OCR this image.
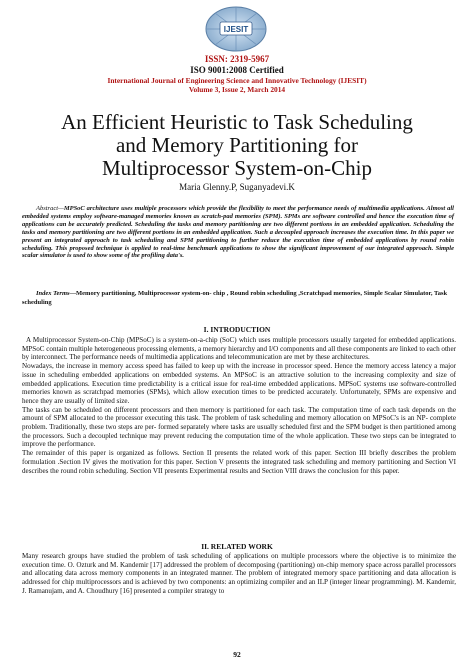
IJESIT
ISSN: 2319-5967
ISO 9001:2008 Certified
International Journal of Engineering Science and Innovative Technology (IJESIT)
Volume 3, Issue 2, March 2014
An Efficient Heuristic to Task Scheduling
and Memory Partitioning for
Multiprocessor System-on-Chip
Maria Glenny.P, Suganyadevi.K
Abstract—MPSoC architecture uses multiple processors which provide the flexibility to meet the performance needs of multimedia applications. Almost all embedded systems employ software-managed memories known as scratch-pad memories (SPM). SPMs are software controlled and hence the execution time of applications can be accurately predicted. Scheduling the tasks and memory partitioning are two different portions in an embedded application. Scheduling the tasks and memory partitioning are two different portions in an embedded application. Such a decoupled approach increases the execution time. In this paper we present an integrated approach to task scheduling and SPM partitioning to further reduce the execution time of embedded applications by round robin scheduling. This proposed technique is applied to real-time benchmark applications to show the significant improvement of our integrated approach. Simple scalar simulator is used to show some of the profiling data's.
Index Terms—Memory partitioning, Multiprocessor system-on- chip , Round robin scheduling ,Scratchpad memories, Simple Scalar Simulator, Task scheduling
I. INTRODUCTION

A Multiprocessor System-on-Chip (MPSoC) is a system-on-a-chip (SoC) which uses multiple processors usually targeted for embedded applications. MPSoC contain multiple heterogeneous processing elements, a memory hierarchy and I/O components and all these components are linked to each other by interconnect. The performance needs of multimedia applications and telecommunication are met by these architectures.

Nowadays, the increase in memory access speed has failed to keep up with the increase in processor speed. Hence the memory access latency a major issue in scheduling embedded applications on embedded systems. An MPSoC is an attractive solution to the increasing complexity and size of embedded applications. Execution time predictability is a critical issue for real-time embedded applications. MPSoC systems use software-controlled memories known as scratchpad memories (SPMs), which allow execution times to be predicted accurately. Unfortunately, SPMs are expensive and hence they are usually of limited size.

The tasks can be scheduled on different processors and then memory is partitioned for each task. The computation time of each task depends on the amount of SPM allocated to the processor executing this task. The problem of task scheduling and memory allocation on MPSoC's is an NP- complete problem. Traditionally, these two steps are per- formed separately where tasks are usually scheduled first and the SPM budget is then partitioned among the processors. Such a decoupled technique may prevent reducing the computation time of the whole application. These two steps can be integrated to improve the performance.

The remainder of this paper is organized as follows. Section II presents the related work of this paper. Section III briefly describes the problem formulation .Section IV gives the motivation for this paper. Section V presents the integrated task scheduling and memory partitioning and Section VI describes the round robin scheduling. Section VII presents Experimental results and Section VIII draws the conclusion for this paper.

II. RELATED WORK

Many research groups have studied the problem of task scheduling of applications on multiple processors where the objective is to minimize the execution time. O. Ozturk and M. Kandemir [17] addressed the problem of decomposing (partitioning) on-chip memory space across parallel processors and allocating data across memory components in an integrated manner. The problem of integrated memory space partitioning and data allocation is addressed for chip multiprocessors and is achieved by two components: an optimizing compiler and an ILP (integer linear programming). M. Kandemir, J. Ramanujam, and A. Choudhury [16] presented a compiler strategy to

92
